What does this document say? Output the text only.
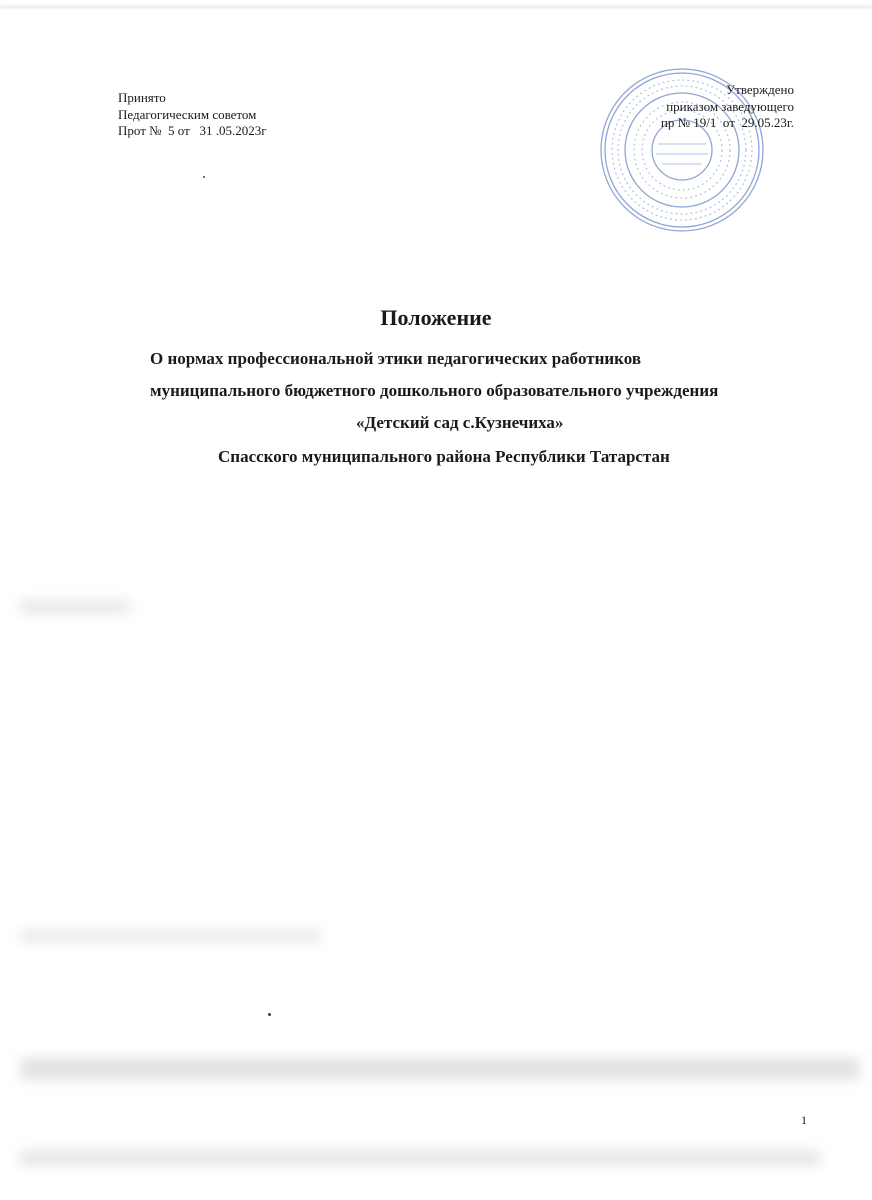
Принято
Педагогическим советом
Прот №  5 от   31 .05.2023г
Утверждено
приказом заведующего
пр № 19/1  от  29.05.23г.
Положение
О нормах профессиональной этики педагогических работников
муниципального бюджетного дошкольного образовательного учреждения
«Детский сад с.Кузнечиха»
Спасского муниципального района Республики Татарстан
1
